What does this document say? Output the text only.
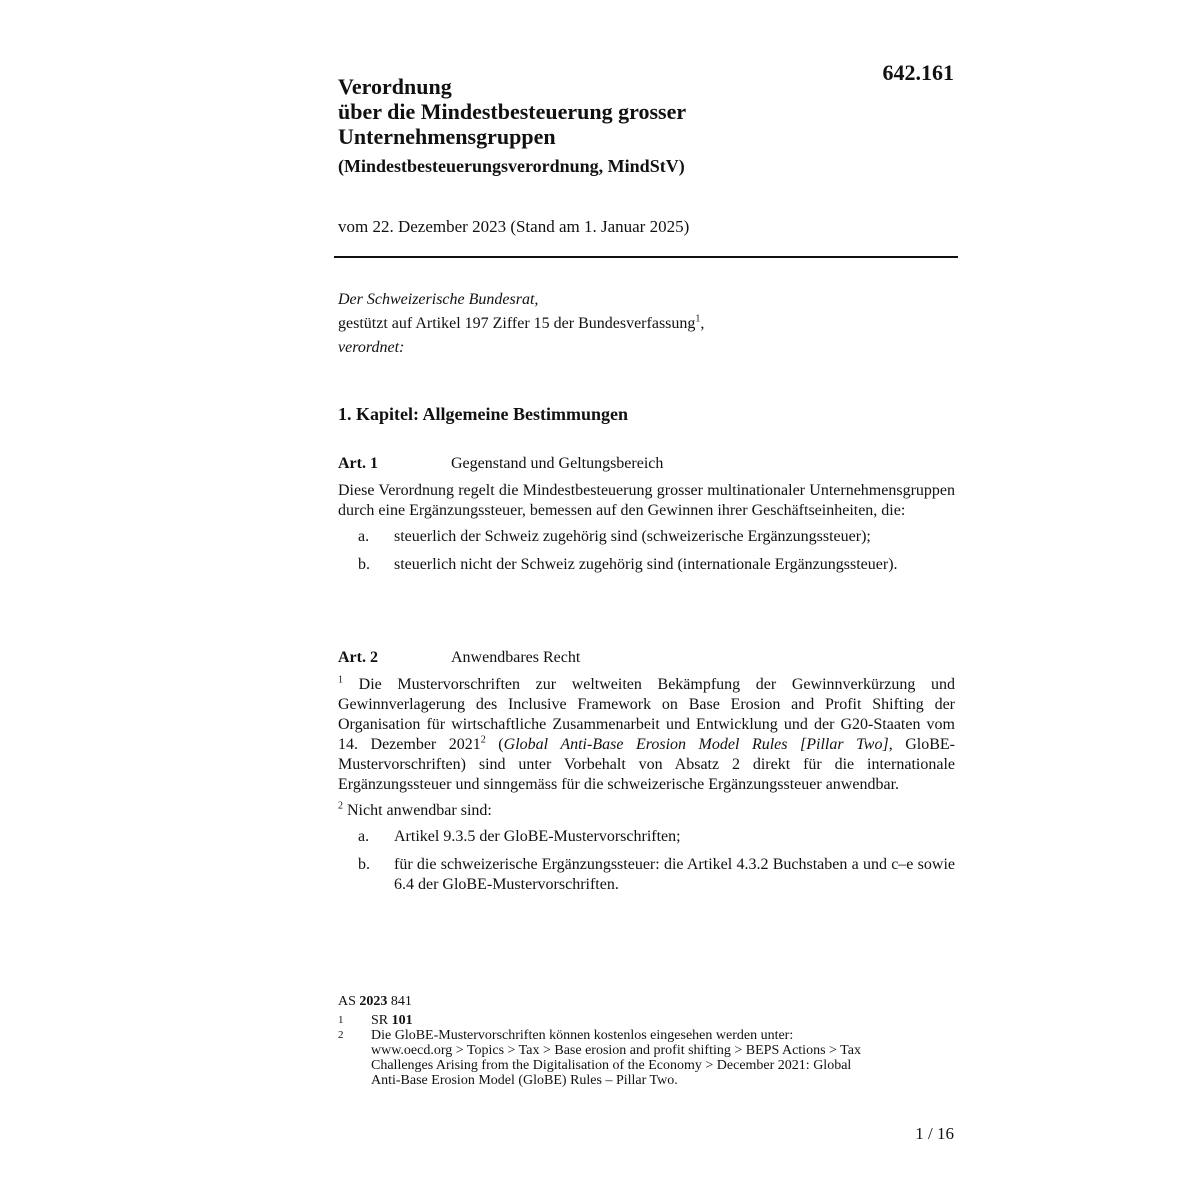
642.161
Verordnung
über die Mindestbesteuerung grosser
Unternehmensgruppen
(Mindestbesteuerungsverordnung, MindStV)
vom 22. Dezember 2023 (Stand am 1. Januar 2025)
Der Schweizerische Bundesrat,
gestützt auf Artikel 197 Ziffer 15 der Bundesverfassung$^1$,
verordnet:
1. Kapitel: Allgemeine Bestimmungen
Art. 1	Gegenstand und Geltungsbereich
Diese Verordnung regelt die Mindestbesteuerung grosser multinationaler Unternehmensgruppen durch eine Ergänzungssteuer, bemessen auf den Gewinnen ihrer Geschäftseinheiten, die:
a.	steuerlich der Schweiz zugehörig sind (schweizerische Ergänzungssteuer);
b.	steuerlich nicht der Schweiz zugehörig sind (internationale Ergänzungssteuer).
Art. 2	Anwendbares Recht
$^1$ Die Mustervorschriften zur weltweiten Bekämpfung der Gewinnverkürzung und Gewinnverlagerung des Inclusive Framework on Base Erosion and Profit Shifting der Organisation für wirtschaftliche Zusammenarbeit und Entwicklung und der G20-Staaten vom 14. Dezember 2021$^2$ (Global Anti-Base Erosion Model Rules [Pillar Two], GloBE-Mustervorschriften) sind unter Vorbehalt von Absatz 2 direkt für die internationale Ergänzungssteuer und sinngemäss für die schweizerische Ergänzungssteuer anwendbar.
$^2$ Nicht anwendbar sind:
a.	Artikel 9.3.5 der GloBE-Mustervorschriften;
b.	für die schweizerische Ergänzungssteuer: die Artikel 4.3.2 Buchstaben a und c–e sowie 6.4 der GloBE-Mustervorschriften.
AS 2023 841
1	SR 101
2	Die GloBE-Mustervorschriften können kostenlos eingesehen werden unter:
www.oecd.org > Topics > Tax > Base erosion and profit shifting > BEPS Actions > Tax
Challenges Arising from the Digitalisation of the Economy > December 2021: Global
Anti-Base Erosion Model (GloBE) Rules – Pillar Two.
1 / 16
